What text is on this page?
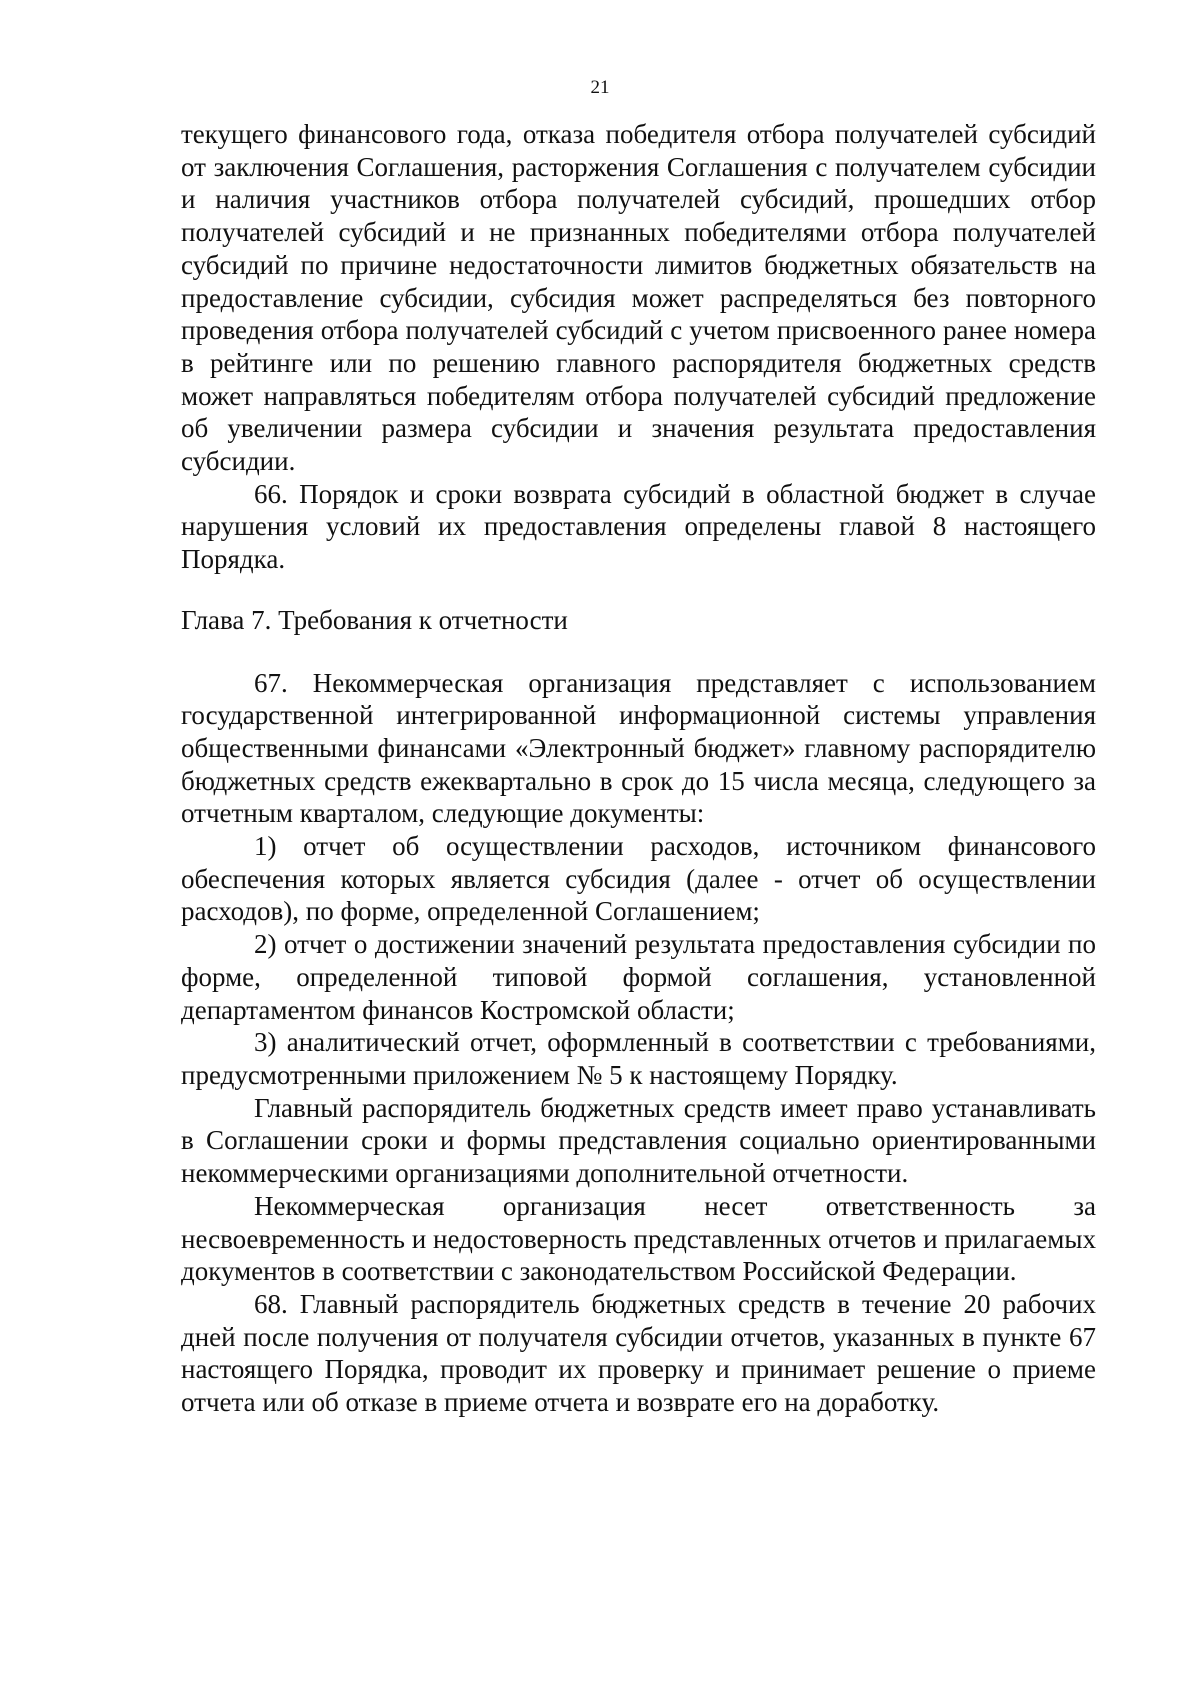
21

текущего финансового года, отказа победителя отбора получателей субсидий от заключения Соглашения, расторжения Соглашения с получателем субсидии и наличия участников отбора получателей субсидий, прошедших отбор получателей субсидий и не признанных победителями отбора получателей субсидий по причине недостаточности лимитов бюджетных обязательств на предоставление субсидии, субсидия может распределяться без повторного проведения отбора получателей субсидий с учетом присвоенного ранее номера в рейтинге или по решению главного распорядителя бюджетных средств может направляться победителям отбора получателей субсидий предложение об увеличении размера субсидии и значения результата предоставления субсидии.

66. Порядок и сроки возврата субсидий в областной бюджет в случае нарушения условий их предоставления определены главой 8 настоящего Порядка.

Глава 7. Требования к отчетности

67. Некоммерческая организация представляет с использованием государственной интегрированной информационной системы управления общественными финансами «Электронный бюджет» главному распорядителю бюджетных средств ежеквартально в срок до 15 числа месяца, следующего за отчетным кварталом, следующие документы:

1) отчет об осуществлении расходов, источником финансового обеспечения которых является субсидия (далее - отчет об осуществлении расходов), по форме, определенной Соглашением;

2) отчет о достижении значений результата предоставления субсидии по форме, определенной типовой формой соглашения, установленной департаментом финансов Костромской области;

3) аналитический отчет, оформленный в соответствии с требованиями, предусмотренными приложением № 5 к настоящему Порядку.

Главный распорядитель бюджетных средств имеет право устанавливать в Соглашении сроки и формы представления социально ориентированными некоммерческими организациями дополнительной отчетности.

Некоммерческая организация несет ответственность за несвоевременность и недостоверность представленных отчетов и прилагаемых документов в соответствии с законодательством Российской Федерации.

68. Главный распорядитель бюджетных средств в течение 20 рабочих дней после получения от получателя субсидии отчетов, указанных в пункте 67 настоящего Порядка, проводит их проверку и принимает решение о приеме отчета или об отказе в приеме отчета и возврате его на доработку.
